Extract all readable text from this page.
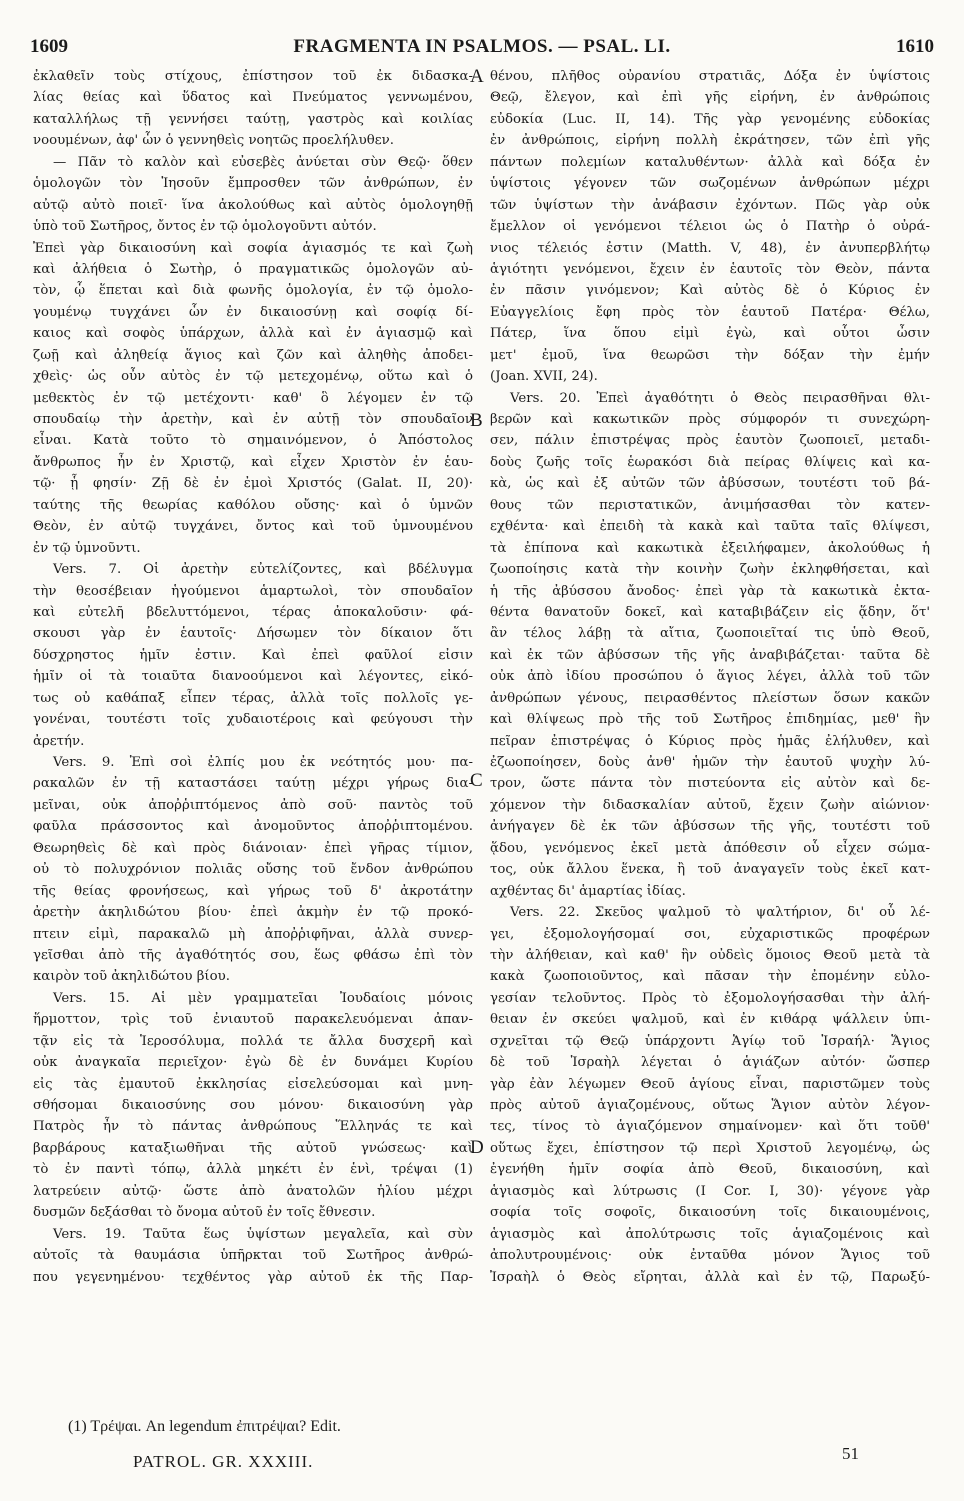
1609	FRAGMENTA IN PSALMOS. — PSAL. LI.	1610
ἐκλαθεῖν τοὺς στίχους, ἐπίστησον τοῦ ἐκ διδασκα-
λίας θείας καὶ ὕδατος καὶ Πνεύματος γεννωμένου,
καταλλήλως τῇ γεννήσει ταύτῃ, γαστρὸς καὶ κοιλίας
νοουμένων, ἀφ' ὧν ὁ γεννηθεὶς νοητῶς προελήλυθεν.
— Πᾶν τὸ καλὸν καὶ εὐσεβὲς ἀνύεται σὺν Θεῷ· ὅθεν
ὁμολογῶν τὸν Ἰησοῦν ἔμπροσθεν τῶν ἀνθρώπων, ἐν
αὐτῷ αὐτὸ ποιεῖ· ἵνα ἀκολούθως καὶ αὐτὸς ὁμολογηθῇ
ὑπὸ τοῦ Σωτῆρος, ὄντος ἐν τῷ ὁμολογοῦντι αὐτόν.
Ἐπεὶ γὰρ δικαιοσύνη καὶ σοφία ἁγιασμός τε καὶ ζωὴ
καὶ ἀλήθεια ὁ Σωτὴρ, ὁ πραγματικῶς ὁμολογῶν αὐ-
τὸν, ᾧ ἕπεται καὶ διὰ φωνῆς ὁμολογία, ἐν τῷ ὁμολο-
γουμένῳ τυγχάνει ὧν ἐν δικαιοσύνῃ καὶ σοφίᾳ δί-
καιος καὶ σοφὸς ὑπάρχων, ἀλλὰ καὶ ἐν ἁγιασμῷ καὶ
ζωῇ καὶ ἀληθείᾳ ἅγιος καὶ ζῶν καὶ ἀληθὴς ἀποδει-
χθεὶς· ὡς οὖν αὐτὸς ἐν τῷ μετεχομένῳ, οὕτω καὶ ὁ
μεθεκτὸς ἐν τῷ μετέχοντι· καθ' ὃ λέγομεν ἐν τῷ
σπουδαίῳ τὴν ἀρετὴν, καὶ ἐν αὐτῇ τὸν σπουδαῖον
εἶναι. Κατὰ τοῦτο τὸ σημαινόμενον, ὁ Ἀπόστολος
ἄνθρωπος ἦν ἐν Χριστῷ, καὶ εἶχεν Χριστὸν ἐν ἑαυ-
τῷ· ᾗ φησίν· Ζῇ δὲ ἐν ἐμοὶ Χριστός (Galat. II, 20)·
ταύτης τῆς θεωρίας καθόλου οὔσης· καὶ ὁ ὑμνῶν
Θεὸν, ἐν αὐτῷ τυγχάνει, ὄντος καὶ τοῦ ὑμνουμένου
ἐν τῷ ὑμνοῦντι.
Vers. 7. Οἱ ἀρετὴν εὐτελίζοντες, καὶ βδέλυγμα
τὴν θεοσέβειαν ἡγούμενοι ἁμαρτωλοὶ, τὸν σπουδαῖον
καὶ εὐτελῆ βδελυττόμενοι, τέρας ἀποκαλοῦσιν· φά-
σκουσι γὰρ ἐν ἑαυτοῖς· Δήσωμεν τὸν δίκαιον ὅτι
δύσχρηστος ἡμῖν ἐστιν. Καὶ ἐπεὶ φαῦλοί εἰσιν
ἡμῖν οἱ τὰ τοιαῦτα διανοούμενοι καὶ λέγοντες, εἰκό-
τως οὐ καθάπαξ εἶπεν τέρας, ἀλλὰ τοῖς πολλοῖς γε-
γονέναι, τουτέστι τοῖς χυδαιοτέροις καὶ φεύγουσι τὴν
ἀρετήν.
Vers. 9. Ἐπὶ σοὶ ἐλπίς μου ἐκ νεότητός μου· πα-
ρακαλῶν ἐν τῇ καταστάσει ταύτῃ μέχρι γήρως δια-
μεῖναι, οὐκ ἀποῤῥιπτόμενος ἀπὸ σοῦ· παντὸς τοῦ
φαῦλα πράσσοντος καὶ ἀνομοῦντος ἀποῤῥιπτομένου.
Θεωρηθεὶς δὲ καὶ πρὸς διάνοιαν· ἐπεὶ γῆρας τίμιον,
οὐ τὸ πολυχρόνιον πολιᾶς οὔσης τοῦ ἔνδον ἀνθρώπου
τῆς θείας φρονήσεως, καὶ γήρως τοῦ δ' ἀκροτάτην
ἀρετὴν ἀκηλιδώτου βίου· ἐπεὶ ἀκμὴν ἐν τῷ προκό-
πτειν εἰμὶ, παρακαλῶ μὴ ἀποῤῥιφῆναι, ἀλλὰ συνερ-
γεῖσθαι ἀπὸ τῆς ἀγαθότητός σου, ἕως φθάσω ἐπὶ τὸν
καιρὸν τοῦ ἀκηλιδώτου βίου.
Vers. 15. Αἱ μὲν γραμματεῖαι Ἰουδαίοις μόνοις
ἥρμοττον, τρὶς τοῦ ἐνιαυτοῦ παρακελευόμεναι ἀπαν-
τᾷν εἰς τὰ Ἱεροσόλυμα, πολλά τε ἄλλα δυσχερῆ καὶ
οὐκ ἀναγκαῖα περιεῖχον· ἐγὼ δὲ ἐν δυνάμει Κυρίου
εἰς τὰς ἐμαυτοῦ ἐκκλησίας εἰσελεύσομαι καὶ μνη-
σθήσομαι δικαιοσύνης σου μόνου· δικαιοσύνη γὰρ
Πατρὸς ἦν τὸ πάντας ἀνθρώπους Ἕλληνάς τε καὶ
βαρβάρους καταξιωθῆναι τῆς αὐτοῦ γνώσεως· καὶ
τὸ ἐν παντὶ τόπῳ, ἀλλὰ μηκέτι ἐν ἑνὶ, τρέψαι (1)
λατρεύειν αὐτῷ· ὥστε ἀπὸ ἀνατολῶν ἡλίου μέχρι
δυσμῶν δεξάσθαι τὸ ὄνομα αὐτοῦ ἐν τοῖς ἔθνεσιν.
Vers. 19. Ταῦτα ἕως ὑψίστων μεγαλεῖα, καὶ σὺν
αὐτοῖς τὰ θαυμάσια ὑπῆρκται τοῦ Σωτῆρος ἀνθρώ-
που γεγενημένου· τεχθέντος γὰρ αὐτοῦ ἐκ τῆς Παρ-
θένου, πλῆθος οὐρανίου στρατιᾶς, Δόξα ἐν ὑψίστοις
Θεῷ, ἔλεγον, καὶ ἐπὶ γῆς εἰρήνη, ἐν ἀνθρώποις
εὐδοκία (Luc. II, 14). Τῆς γὰρ γενομένης εὐδοκίας
ἐν ἀνθρώποις, εἰρήνη πολλὴ ἐκράτησεν, τῶν ἐπὶ γῆς
πάντων πολεμίων καταλυθέντων· ἀλλὰ καὶ δόξα ἐν
ὑψίστοις γέγονεν τῶν σωζομένων ἀνθρώπων μέχρι
τῶν ὑψίστων τὴν ἀνάβασιν ἐχόντων. Πῶς γὰρ οὐκ
ἔμελλον οἱ γενόμενοι τέλειοι ὡς ὁ Πατὴρ ὁ οὐρά-
νιος τέλειός ἐστιν (Matth. V, 48), ἐν ἀνυπερβλήτῳ
ἁγιότητι γενόμενοι, ἔχειν ἐν ἑαυτοῖς τὸν Θεὸν, πάντα
ἐν πᾶσιν γινόμενον; Καὶ αὐτὸς δὲ ὁ Κύριος ἐν
Εὐαγγελίοις ἔφη πρὸς τὸν ἑαυτοῦ Πατέρα· Θέλω,
Πάτερ, ἵνα ὅπου εἰμὶ ἐγὼ, καὶ οὗτοι ὦσιν
μετ' ἐμοῦ, ἵνα θεωρῶσι τὴν δόξαν τὴν ἐμήν
(Joan. XVII, 24).
Vers. 20. Ἐπεὶ ἀγαθότητι ὁ Θεὸς πειρασθῆναι θλι-
βερῶν καὶ κακωτικῶν πρὸς σύμφορόν τι συνεχώρη-
σεν, πάλιν ἐπιστρέψας πρὸς ἑαυτὸν ζωοποιεῖ, μεταδι-
δοὺς ζωῆς τοῖς ἑωρακόσι διὰ πείρας θλίψεις καὶ κα-
κὰ, ὡς καὶ ἐξ αὐτῶν τῶν ἀβύσσων, τουτέστι τοῦ βά-
θους τῶν περιστατικῶν, ἀνιμήσασθαι τὸν κατεν-
εχθέντα· καὶ ἐπειδὴ τὰ κακὰ καὶ ταῦτα ταῖς θλίψεσι,
τὰ ἐπίπονα καὶ κακωτικὰ ἐξειλήφαμεν, ἀκολούθως ἡ
ζωοποίησις κατὰ τὴν κοινὴν ζωὴν ἐκληφθήσεται, καὶ
ἡ τῆς ἀβύσσου ἄνοδος· ἐπεὶ γὰρ τὰ κακωτικὰ ἐκτα-
θέντα θανατοῦν δοκεῖ, καὶ καταβιβάζειν εἰς ᾅδην, ὅτ'
ἂν τέλος λάβῃ τὰ αἴτια, ζωοποιεῖταί τις ὑπὸ Θεοῦ,
καὶ ἐκ τῶν ἀβύσσων τῆς γῆς ἀναβιβάζεται· ταῦτα δὲ
οὐκ ἀπὸ ἰδίου προσώπου ὁ ἅγιος λέγει, ἀλλὰ τοῦ τῶν
ἀνθρώπων γένους, πειρασθέντος πλείστων ὅσων κακῶν
καὶ θλίψεως πρὸ τῆς τοῦ Σωτῆρος ἐπιδημίας, μεθ' ἣν
πεῖραν ἐπιστρέψας ὁ Κύριος πρὸς ἡμᾶς ἐλήλυθεν, καὶ
ἐζωοποίησεν, δοὺς ἀνθ' ἡμῶν τὴν ἑαυτοῦ ψυχὴν λύ-
τρον, ὥστε πάντα τὸν πιστεύοντα εἰς αὐτὸν καὶ δε-
χόμενον τὴν διδασκαλίαν αὐτοῦ, ἔχειν ζωὴν αἰώνιον·
ἀνήγαγεν δὲ ἐκ τῶν ἀβύσσων τῆς γῆς, τουτέστι τοῦ
ᾅδου, γενόμενος ἐκεῖ μετὰ ἀπόθεσιν οὗ εἶχεν σώμα-
τος, οὐκ ἄλλου ἕνεκα, ἢ τοῦ ἀναγαγεῖν τοὺς ἐκεῖ κατ-
αχθέντας δι' ἁμαρτίας ἰδίας.
Vers. 22. Σκεῦος ψαλμοῦ τὸ ψαλτήριον, δι' οὗ λέ-
γει, ἐξομολογήσομαί σοι, εὐχαριστικῶς προφέρων
τὴν ἀλήθειαν, καὶ καθ' ἣν οὐδεὶς ὅμοιος Θεοῦ μετὰ τὰ
κακὰ ζωοποιοῦντος, καὶ πᾶσαν τὴν ἐπομένην εὐλο-
γεσίαν τελοῦντος. Πρὸς τὸ ἐξομολογήσασθαι τὴν ἀλή-
θειαν ἐν σκεύει ψαλμοῦ, καὶ ἐν κιθάρᾳ ψάλλειν ὑπι-
σχνεῖται τῷ Θεῷ ὑπάρχοντι Ἁγίῳ τοῦ Ἰσραήλ· Ἅγιος
δὲ τοῦ Ἰσραὴλ λέγεται ὁ ἁγιάζων αὐτόν· ὥσπερ
γὰρ ἐὰν λέγωμεν Θεοῦ ἁγίους εἶναι, παριστῶμεν τοὺς
πρὸς αὐτοῦ ἁγιαζομένους, οὕτως Ἅγιον αὐτὸν λέγον-
τες, τίνος τὸ ἁγιαζόμενον σημαίνομεν· καὶ ὅτι τοῦθ'
οὕτως ἔχει, ἐπίστησον τῷ περὶ Χριστοῦ λεγομένῳ, ὡς
ἐγενήθη ἡμῖν σοφία ἀπὸ Θεοῦ, δικαιοσύνη, καὶ
ἁγιασμὸς καὶ λύτρωσις (I Cor. I, 30)· γέγονε γὰρ
σοφία τοῖς σοφοῖς, δικαιοσύνη τοῖς δικαιουμένοις,
ἁγιασμὸς καὶ ἀπολύτρωσις τοῖς ἁγιαζομένοις καὶ
ἀπολυτρουμένοις· οὐκ ἐνταῦθα μόνον Ἅγιος τοῦ
Ἰσραὴλ ὁ Θεὸς εἴρηται, ἀλλὰ καὶ ἐν τῷ, Παρωξύ-
A
B
C
D
(1) Τρέψαι. An legendum ἐπιτρέψαι? Edit.
PATROL. GR. XXXIII.	51
